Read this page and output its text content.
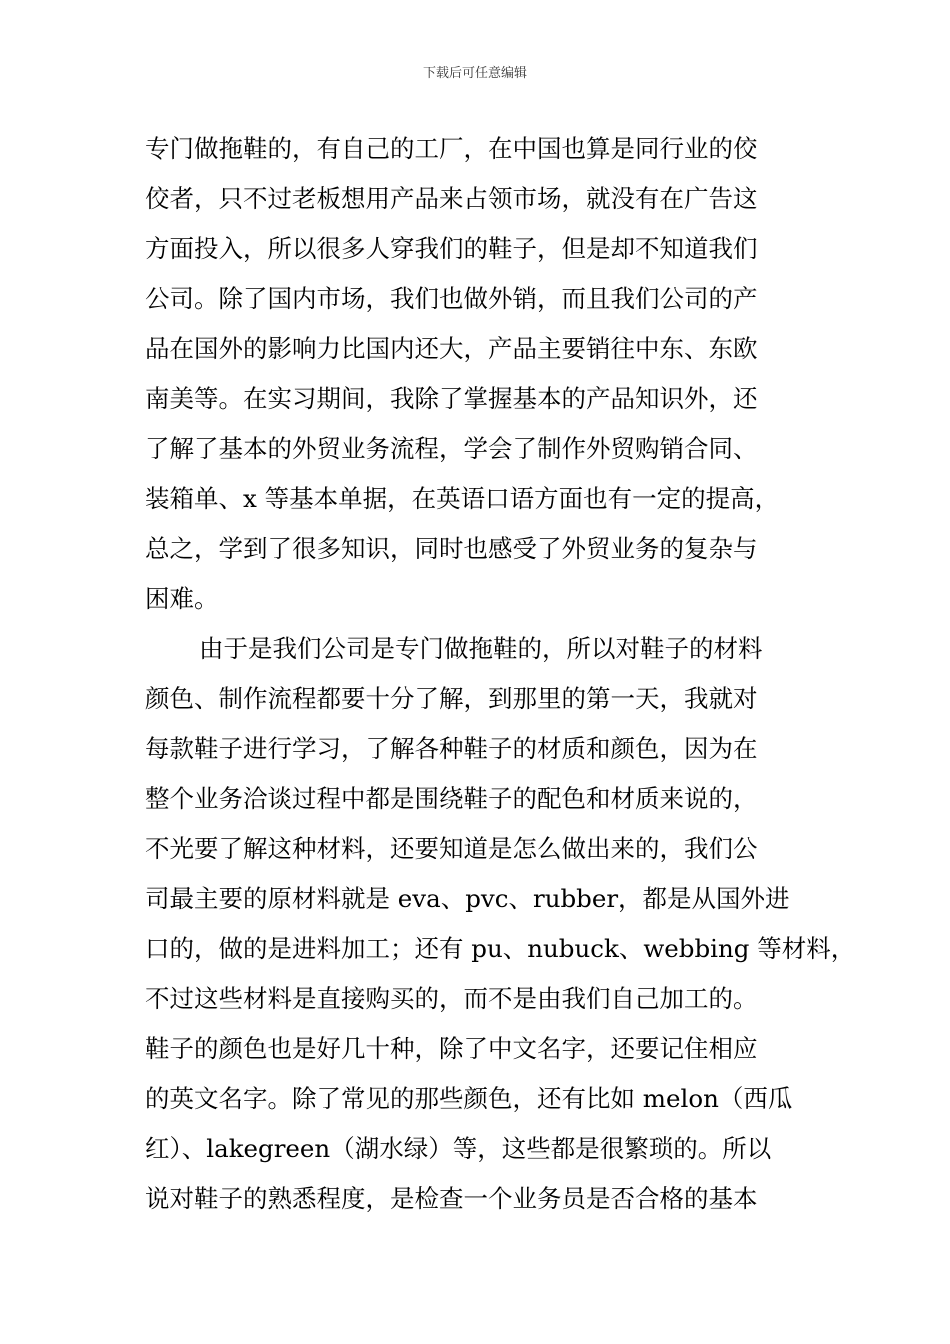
下载后可任意编辑
专门做拖鞋的，有自己的工厂，在中国也算是同行业的佼
佼者，只不过老板想用产品来占领市场，就没有在广告这
方面投入，所以很多人穿我们的鞋子，但是却不知道我们
公司。除了国内市场，我们也做外销，而且我们公司的产
品在国外的影响力比国内还大，产品主要销往中东、东欧
南美等。在实习期间，我除了掌握基本的产品知识外，还
了解了基本的外贸业务流程，学会了制作外贸购销合同、
装箱单、x 等基本单据，在英语口语方面也有一定的提高，
总之，学到了很多知识，同时也感受了外贸业务的复杂与
困难。
由于是我们公司是专门做拖鞋的，所以对鞋子的材料
颜色、制作流程都要十分了解，到那里的第一天，我就对
每款鞋子进行学习，了解各种鞋子的材质和颜色，因为在
整个业务洽谈过程中都是围绕鞋子的配色和材质来说的，
不光要了解这种材料，还要知道是怎么做出来的，我们公
司最主要的原材料就是 eva、pvc、rubber，都是从国外进
口的，做的是进料加工；还有 pu、nubuck、webbing 等材料，
不过这些材料是直接购买的，而不是由我们自己加工的。
鞋子的颜色也是好几十种，除了中文名字，还要记住相应
的英文名字。除了常见的那些颜色，还有比如 melon（西瓜
红）、lakegreen（湖水绿）等，这些都是很繁琐的。所以
说对鞋子的熟悉程度，是检查一个业务员是否合格的基本
